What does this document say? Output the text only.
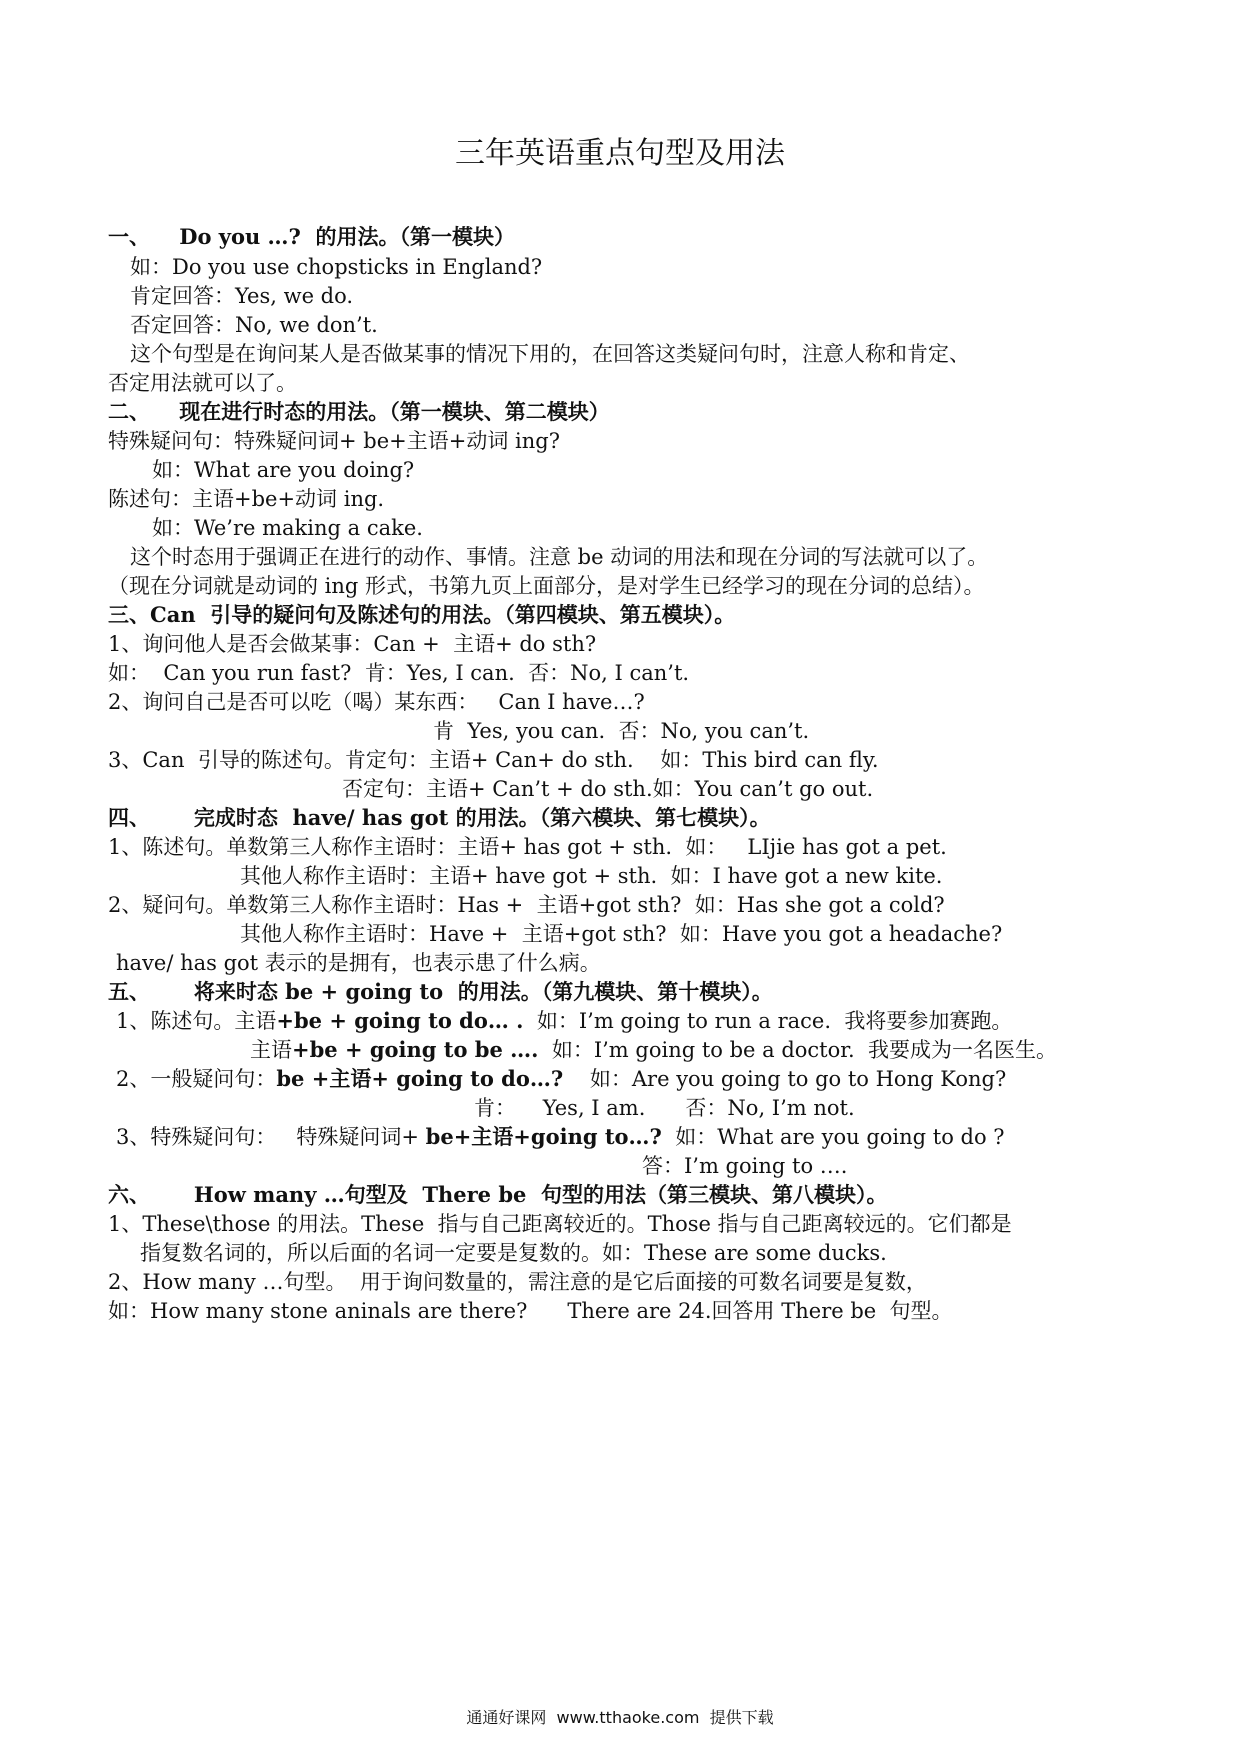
三年英语重点句型及用法
一、    Do you …?  的用法。（第一模块）
如：Do you use chopsticks in England?
肯定回答：Yes, we do.
否定回答：No, we don’t.
这个句型是在询问某人是否做某事的情况下用的，在回答这类疑问句时，注意人称和肯定、
否定用法就可以了。
二、    现在进行时态的用法。（第一模块、第二模块）
特殊疑问句：特殊疑问词+ be+主语+动词 ing?
如：What are you doing?
陈述句：主语+be+动词 ing.
如：We’re making a cake.
这个时态用于强调正在进行的动作、事情。注意 be 动词的用法和现在分词的写法就可以了。
（现在分词就是动词的 ing 形式，书第九页上面部分，是对学生已经学习的现在分词的总结）。
三、Can  引导的疑问句及陈述句的用法。（第四模块、第五模块）。
1、询问他人是否会做某事：Can +  主语+ do sth?
如：  Can you run fast?  肯：Yes, I can.  否：No, I can’t.
2、询问自己是否可以吃（喝）某东西：   Can I have…?
肯  Yes, you can.  否：No, you can’t.
3、Can  引导的陈述句。肯定句：主语+ Can+ do sth.    如：This bird can fly.
否定句：主语+ Can’t + do sth.如：You can’t go out.
四、      完成时态  have/ has got 的用法。（第六模块、第七模块）。
1、陈述句。单数第三人称作主语时：主语+ has got + sth.  如：   LIjie has got a pet.
其他人称作主语时：主语+ have got + sth.  如：I have got a new kite.
2、疑问句。单数第三人称作主语时：Has +  主语+got sth?  如：Has she got a cold?
其他人称作主语时：Have +  主语+got sth?  如：Have you got a headache?
have/ has got 表示的是拥有，也表示患了什么病。
五、      将来时态 be + going to  的用法。（第九模块、第十模块）。
1、陈述句。主语+be + going to do… .  如：I’m going to run a race.  我将要参加赛跑。
主语+be + going to be ….  如：I’m going to be a doctor.  我要成为一名医生。
2、一般疑问句：be +主语+ going to do…?    如：Are you going to go to Hong Kong?
肯：    Yes, I am.      否：No, I’m not.
3、特殊疑问句：   特殊疑问词+ be+主语+going to…?  如：What are you going to do ?
答：I’m going to ….
六、      How many …句型及  There be  句型的用法（第三模块、第八模块）。
1、These\those 的用法。These  指与自己距离较近的。Those 指与自己距离较远的。它们都是
指复数名词的，所以后面的名词一定要是复数的。如：These are some ducks.
2、How many …句型。  用于询问数量的，需注意的是它后面接的可数名词要是复数，
如：How many stone aninals are there?      There are 24.回答用 There be  句型。
通通好课网  www.tthaoke.com  提供下载
